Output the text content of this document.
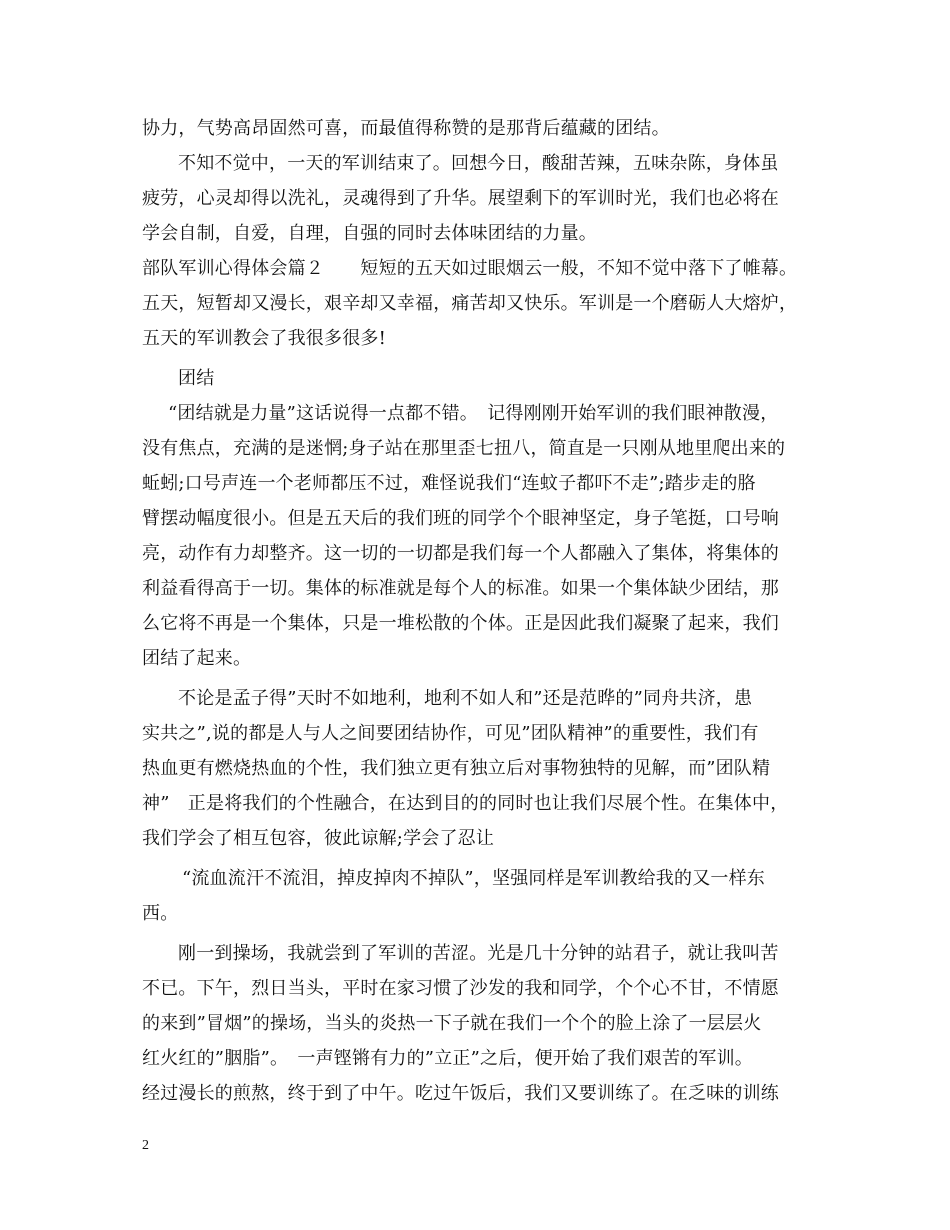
协力，气势高昂固然可喜，而最值得称赞的是那背后蕴藏的团结。
不知不觉中，一天的军训结束了。回想今日，酸甜苦辣，五味杂陈，身体虽
疲劳，心灵却得以洗礼，灵魂得到了升华。展望剩下的军训时光，我们也必将在
学会自制，自爱，自理，自强的同时去体味团结的力量。
部队军训心得体会篇２　　短短的五天如过眼烟云一般，不知不觉中落下了帷幕。
五天，短暂却又漫长，艰辛却又幸福，痛苦却又快乐。军训是一个磨砺人大熔炉，
五天的军训教会了我很多很多!
团结
“团结就是力量”这话说得一点都不错。　记得刚刚开始军训的我们眼神散漫，
没有焦点，充满的是迷惘;身子站在那里歪七扭八，简直是一只刚从地里爬出来的
蚯蚓;口号声连一个老师都压不过，难怪说我们“连蚊子都吓不走”;踏步走的胳
臂摆动幅度很小。但是五天后的我们班的同学个个眼神坚定，身子笔挺，口号响
亮，动作有力却整齐。这一切的一切都是我们每一个人都融入了集体，将集体的
利益看得高于一切。集体的标准就是每个人的标准。如果一个集体缺少团结，那
么它将不再是一个集体，只是一堆松散的个体。正是因此我们凝聚了起来，我们
团结了起来。
不论是孟子得”天时不如地利，地利不如人和”还是范晔的”同舟共济，患
实共之”,说的都是人与人之间要团结协作，可见”团队精神”的重要性，我们有
热血更有燃烧热血的个性，我们独立更有独立后对事物独特的见解，而”团队精
神”　正是将我们的个性融合，在达到目的的同时也让我们尽展个性。在集体中，
我们学会了相互包容，彼此谅解;学会了忍让
“流血流汗不流泪，掉皮掉肉不掉队”，坚强同样是军训教给我的又一样东
西。
刚一到操场，我就尝到了军训的苦涩。光是几十分钟的站君子，就让我叫苦
不已。下午，烈日当头，平时在家习惯了沙发的我和同学，个个心不甘，不情愿
的来到”冒烟”的操场，当头的炎热一下子就在我们一个个的脸上涂了一层层火
红火红的”胭脂”。　一声铿锵有力的”立正”之后，便开始了我们艰苦的军训。
经过漫长的煎熬，终于到了中午。吃过午饭后，我们又要训练了。在乏味的训练
2
